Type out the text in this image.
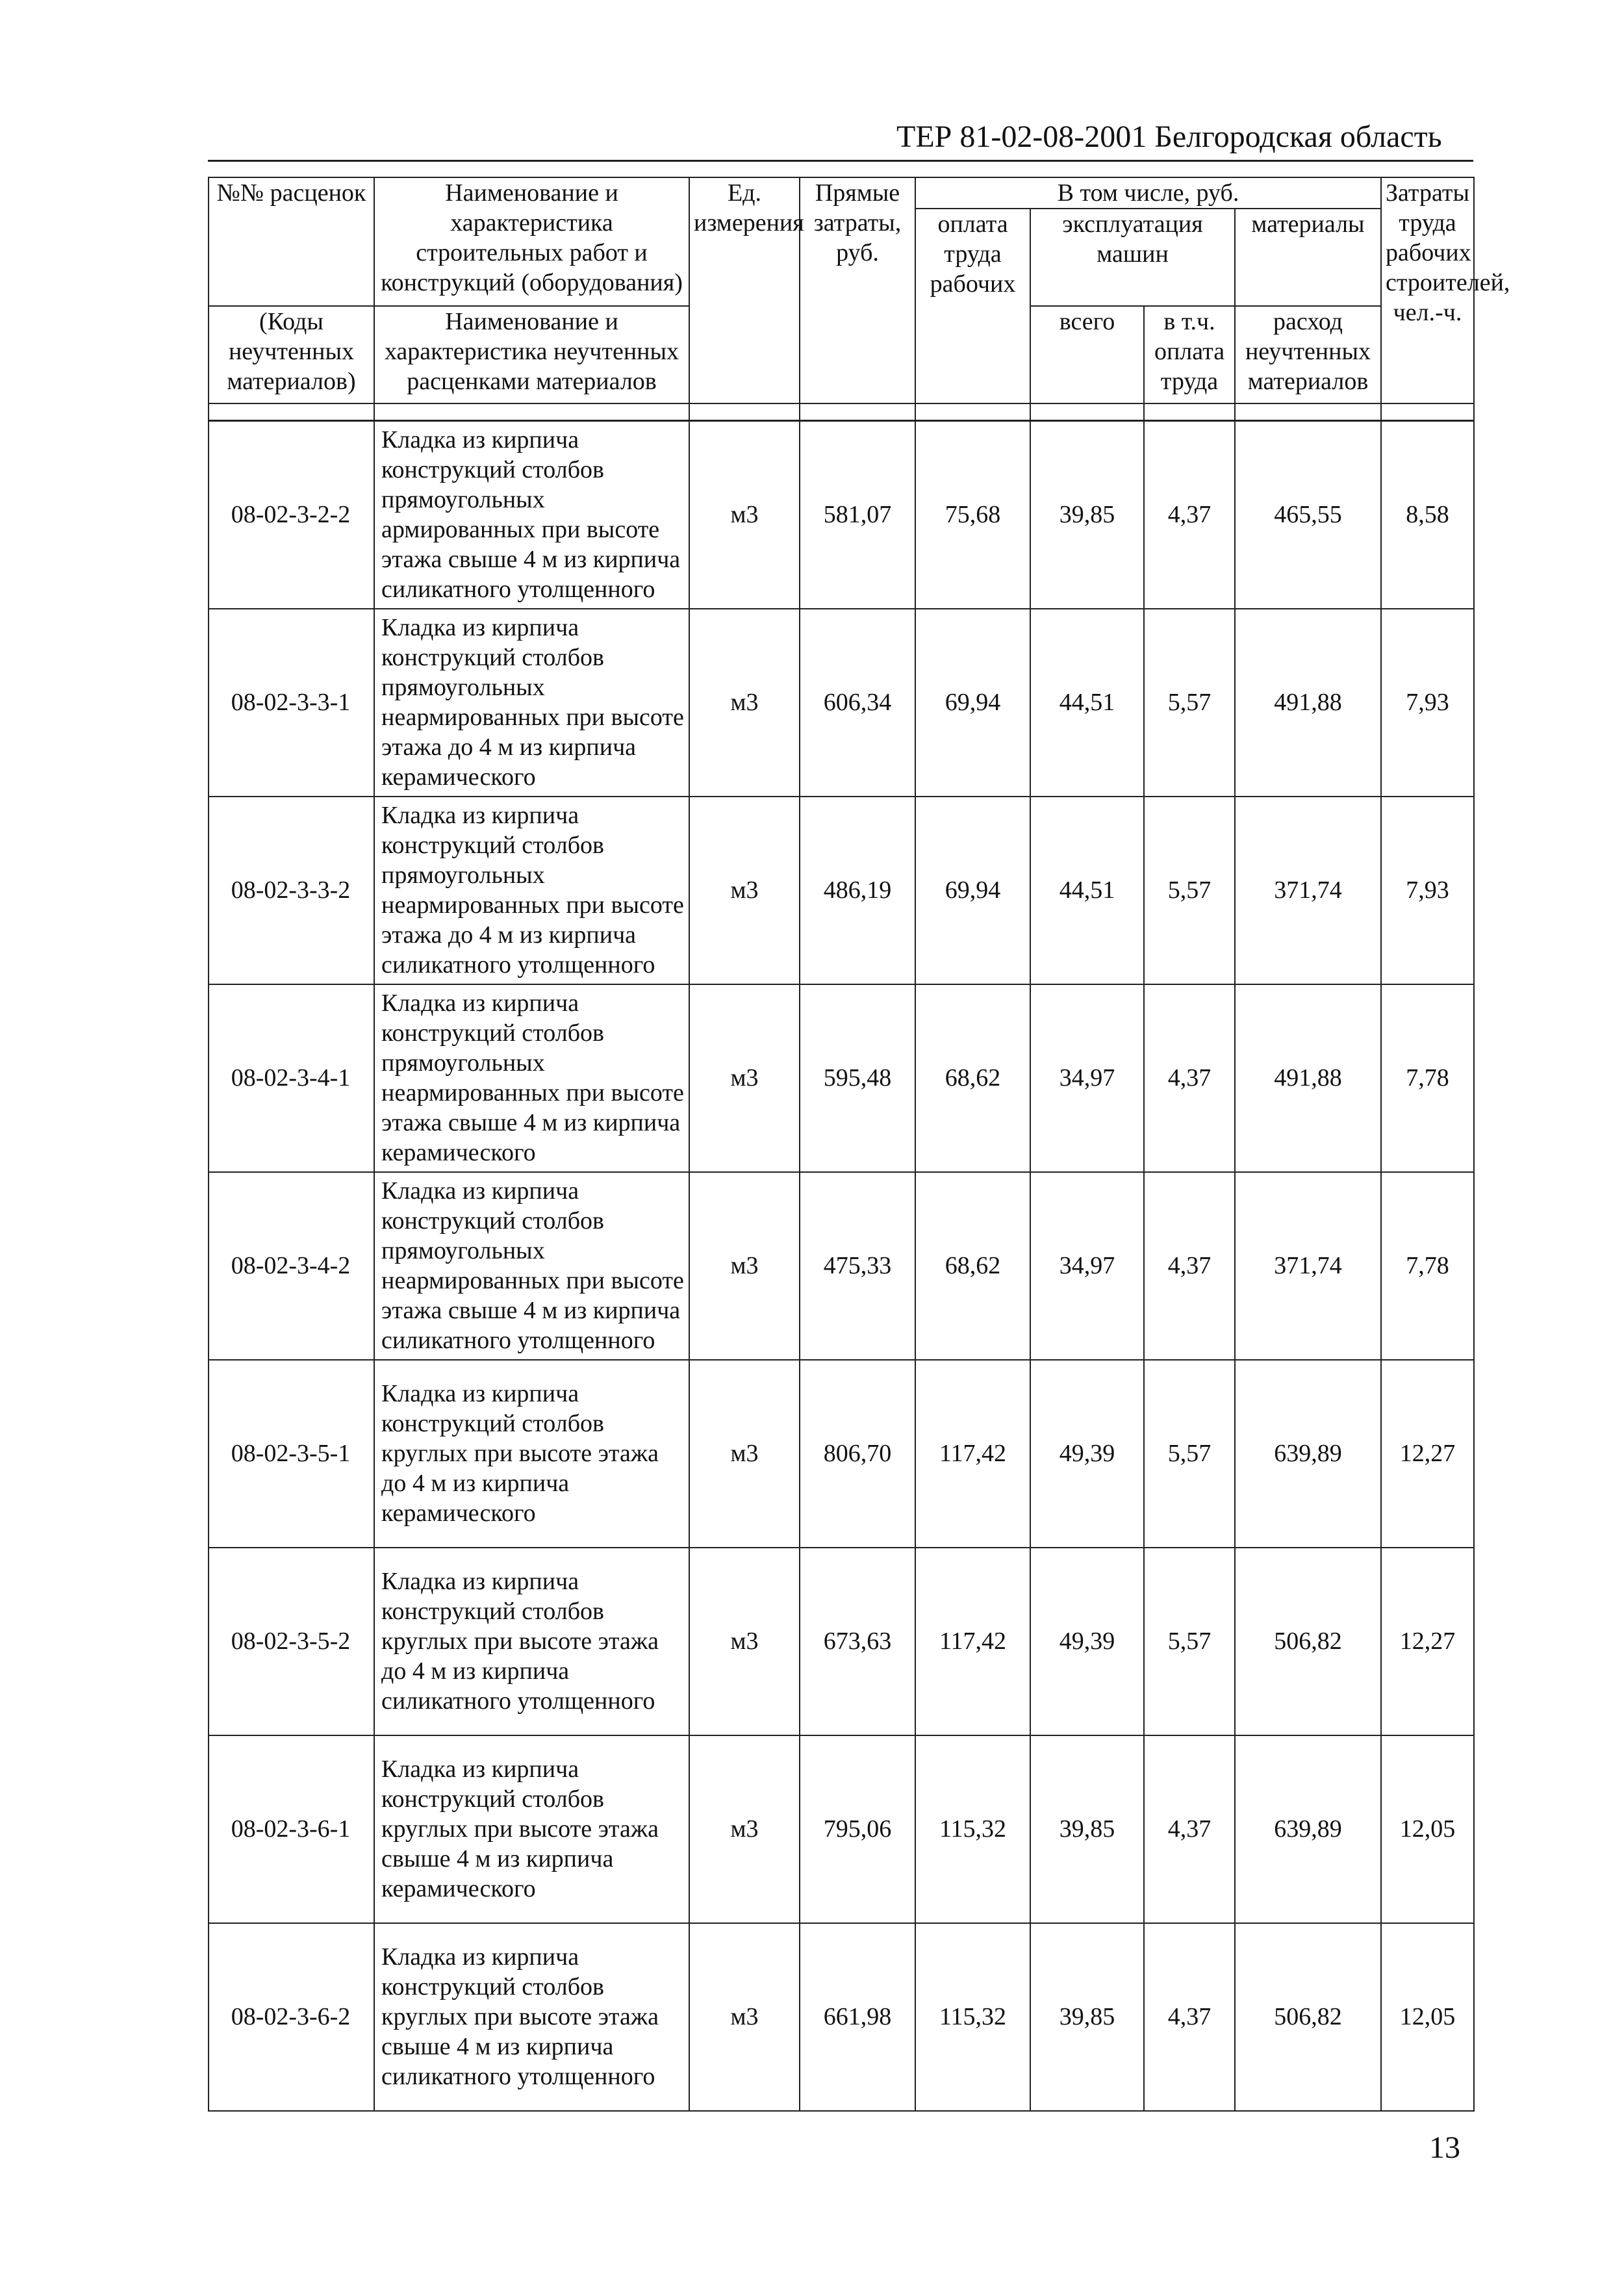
ТЕР 81-02-08-2001 Белгородская область
№№ расценок	Наименование и характеристика строительных работ и конструкций (оборудования)	Ед. измерения	Прямые затраты, руб.	В том числе, руб.				Затраты труда рабочих строителей, чел.-ч.
				оплата труда рабочих	эксплуатация машин		материалы	
(Коды неучтенных материалов)	Наименование и характеристика неучтенных расценками материалов				всего	в т.ч. оплата труда	расход неучтенных материалов	

08-02-3-2-2	Кладка из кирпича конструкций столбов прямоугольных армированных при высоте этажа свыше 4 м из кирпича силикатного утолщенного	м3	581,07	75,68	39,85	4,37	465,55	8,58
08-02-3-3-1	Кладка из кирпича конструкций столбов прямоугольных неармированных при высоте этажа до 4 м из кирпича керамического	м3	606,34	69,94	44,51	5,57	491,88	7,93
08-02-3-3-2	Кладка из кирпича конструкций столбов прямоугольных неармированных при высоте этажа до 4 м из кирпича силикатного утолщенного	м3	486,19	69,94	44,51	5,57	371,74	7,93
08-02-3-4-1	Кладка из кирпича конструкций столбов прямоугольных неармированных при высоте этажа свыше 4 м из кирпича керамического	м3	595,48	68,62	34,97	4,37	491,88	7,78
08-02-3-4-2	Кладка из кирпича конструкций столбов прямоугольных неармированных при высоте этажа свыше 4 м из кирпича силикатного утолщенного	м3	475,33	68,62	34,97	4,37	371,74	7,78
08-02-3-5-1	Кладка из кирпича конструкций столбов круглых при высоте этажа до 4 м из кирпича керамического	м3	806,70	117,42	49,39	5,57	639,89	12,27
08-02-3-5-2	Кладка из кирпича конструкций столбов круглых при высоте этажа до 4 м из кирпича силикатного утолщенного	м3	673,63	117,42	49,39	5,57	506,82	12,27
08-02-3-6-1	Кладка из кирпича конструкций столбов круглых при высоте этажа свыше 4 м из кирпича керамического	м3	795,06	115,32	39,85	4,37	639,89	12,05
08-02-3-6-2	Кладка из кирпича конструкций столбов круглых при высоте этажа свыше 4 м из кирпича силикатного утолщенного	м3	661,98	115,32	39,85	4,37	506,82	12,05
13
